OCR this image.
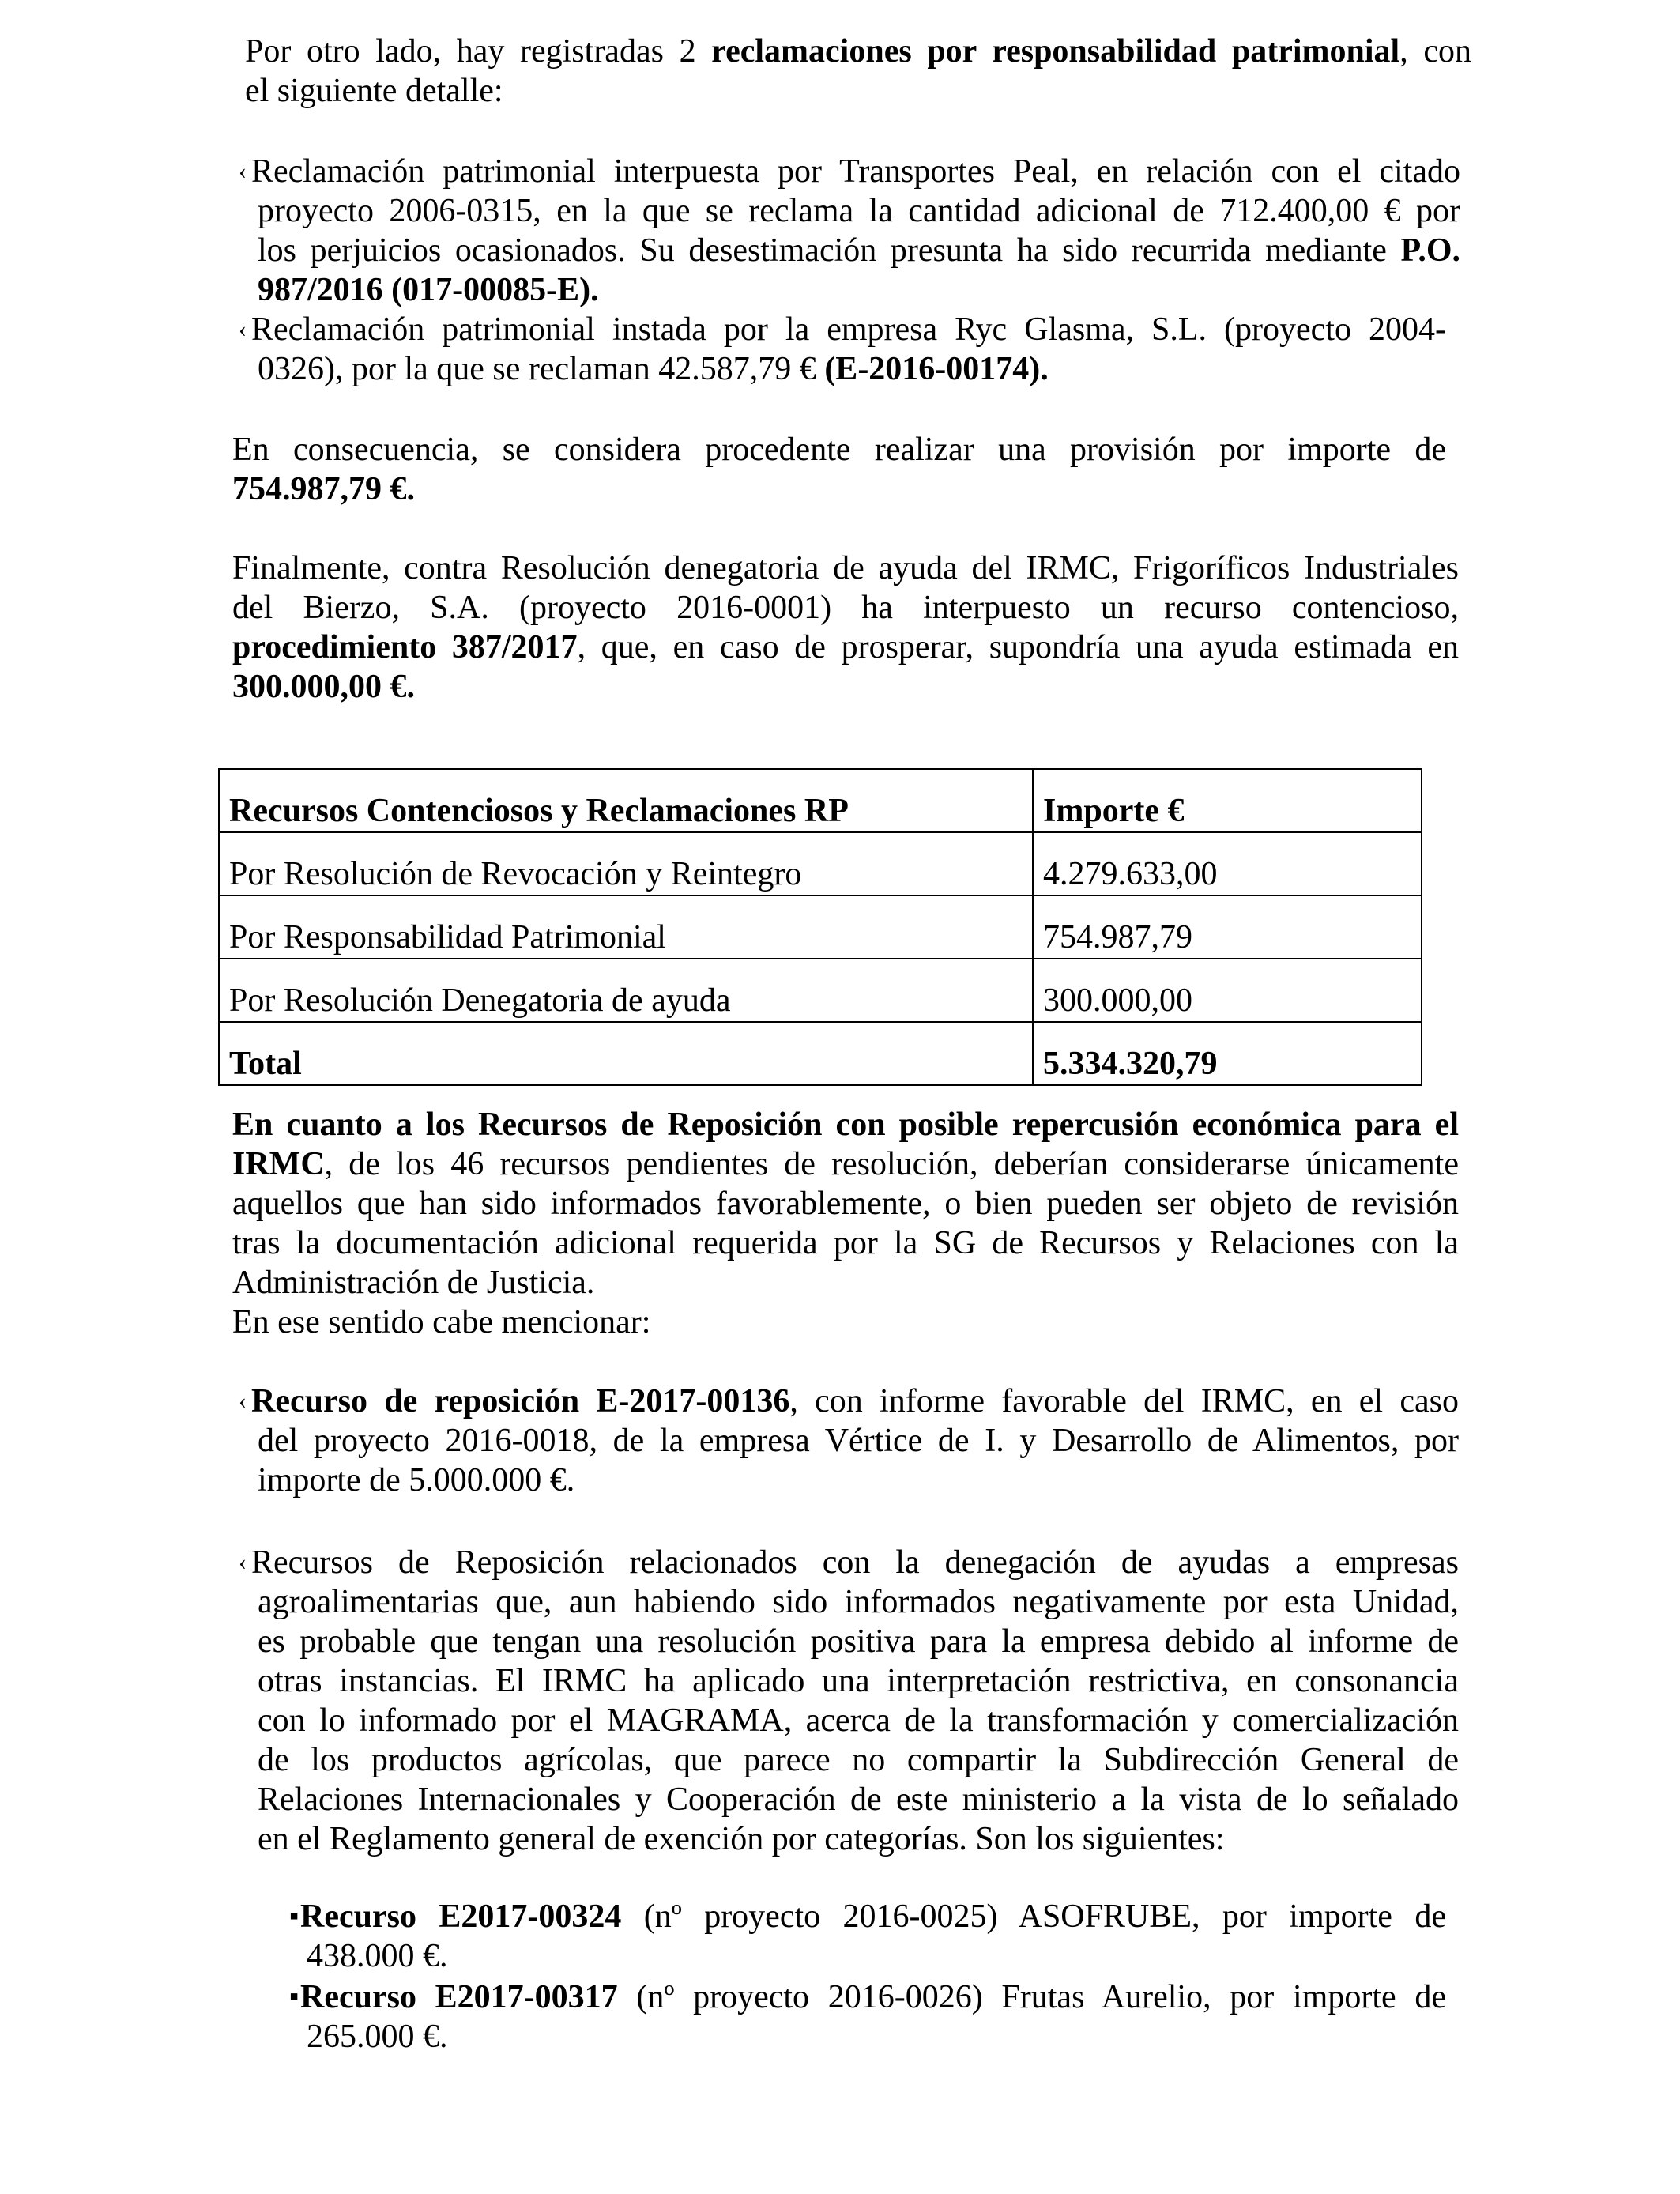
Por otro lado, hay registradas 2 reclamaciones por responsabilidad patrimonial, con

el siguiente detalle:

‹ Reclamación patrimonial interpuesta por Transportes Peal, en relación con el citado

proyecto 2006-0315, en la que se reclama la cantidad adicional de 712.400,00 € por

los perjuicios ocasionados. Su desestimación presunta ha sido recurrida mediante P.O.

987/2016 (017-00085-E).

‹ Reclamación patrimonial instada por la empresa Ryc Glasma, S.L. (proyecto 2004-

0326), por la que se reclaman 42.587,79 € (E-2016-00174).

En consecuencia, se considera procedente realizar una provisión por importe de

754.987,79 €.

Finalmente, contra Resolución denegatoria de ayuda del IRMC, Frigoríficos Industriales

del Bierzo, S.A. (proyecto 2016-0001) ha interpuesto un recurso contencioso,

procedimiento 387/2017, que, en caso de prosperar, supondría una ayuda estimada en

300.000,00 €.

Recursos Contenciosos y Reclamaciones RP	Importe €
Por Resolución de Revocación y Reintegro	4.279.633,00
Por Responsabilidad Patrimonial	754.987,79
Por Resolución Denegatoria de ayuda	300.000,00
Total	5.334.320,79

En cuanto a los Recursos de Reposición con posible repercusión económica para el

IRMC, de los 46 recursos pendientes de resolución, deberían considerarse únicamente

aquellos que han sido informados favorablemente, o bien pueden ser objeto de revisión

tras la documentación adicional requerida por la SG de Recursos y Relaciones con la

Administración de Justicia.

En ese sentido cabe mencionar:

‹ Recurso de reposición E-2017-00136, con informe favorable del IRMC, en el caso

del proyecto 2016-0018, de la empresa Vértice de I. y Desarrollo de Alimentos, por

importe de 5.000.000 €.

‹ Recursos de Reposición relacionados con la denegación de ayudas a empresas

agroalimentarias que, aun habiendo sido informados negativamente por esta Unidad,

es probable que tengan una resolución positiva para la empresa debido al informe de

otras instancias. El IRMC ha aplicado una interpretación restrictiva, en consonancia

con lo informado por el MAGRAMA, acerca de la transformación y comercialización

de los productos agrícolas, que parece no compartir la Subdirección General de

Relaciones Internacionales y Cooperación de este ministerio a la vista de lo señalado

en el Reglamento general de exención por categorías. Son los siguientes:

▪ Recurso E2017-00324 (nº proyecto 2016-0025) ASOFRUBE, por importe de

438.000 €.

▪ Recurso E2017-00317 (nº proyecto 2016-0026) Frutas Aurelio, por importe de

265.000 €.
